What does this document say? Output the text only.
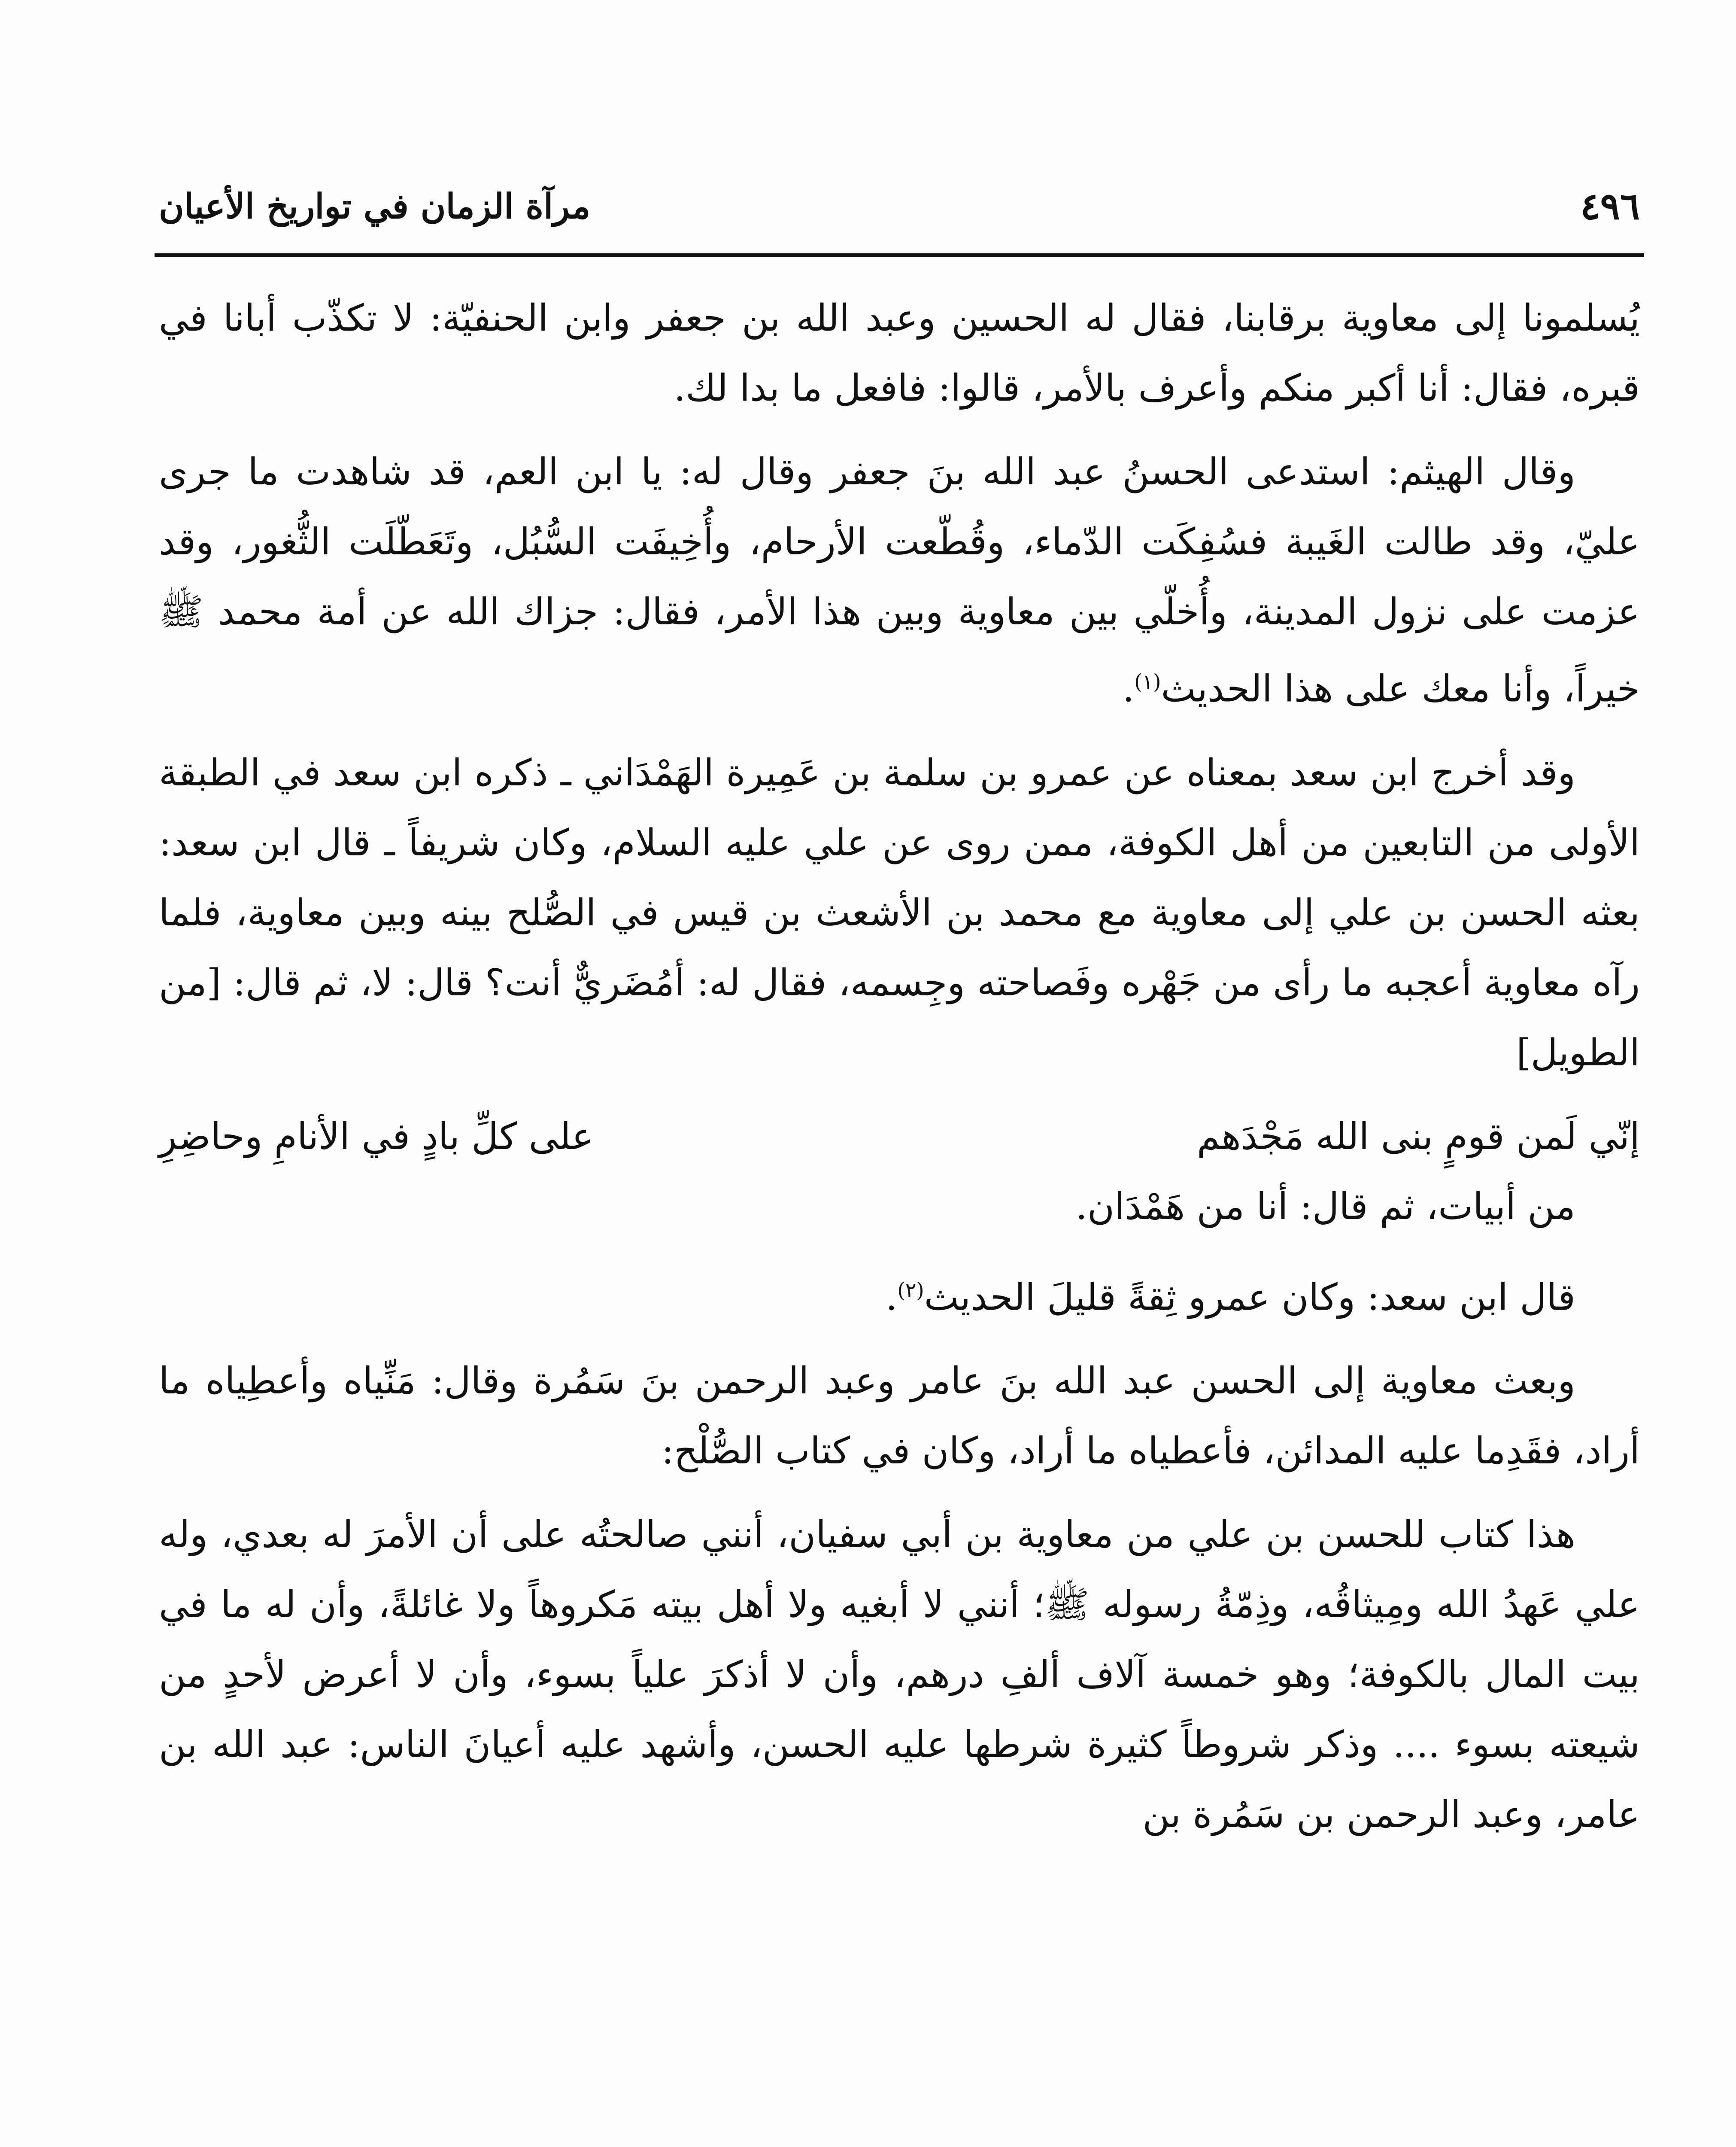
٤٩٦
مرآة الزمان في تواريخ الأعيان

يُسلمونا إلى معاوية برقابنا، فقال له الحسين وعبد الله بن جعفر وابن الحنفيّة: لا تكذّب أبانا في قبره، فقال: أنا أكبر منكم وأعرف بالأمر، قالوا: فافعل ما بدا لك.

وقال الهيثم: استدعى الحسنُ عبد الله بنَ جعفر وقال له: يا ابن العم، قد شاهدت ما جرى عليّ، وقد طالت الغَيبة فسُفِكَت الدّماء، وقُطّعت الأرحام، وأُخِيفَت السُّبُل، وتَعَطّلَت الثُّغور، وقد عزمت على نزول المدينة، وأُخلّي بين معاوية وبين هذا الأمر، فقال: جزاك الله عن أمة محمد ﷺ خيراً، وأنا معك على هذا الحديث$^{(١)}$.

وقد أخرج ابن سعد بمعناه عن عمرو بن سلمة بن عَمِيرة الهَمْدَاني ـ ذكره ابن سعد في الطبقة الأولى من التابعين من أهل الكوفة، ممن روى عن علي عليه السلام، وكان شريفاً ـ قال ابن سعد: بعثه الحسن بن علي إلى معاوية مع محمد بن الأشعث بن قيس في الصُّلح بينه وبين معاوية، فلما رآه معاوية أعجبه ما رأى من جَهْره وفَصاحته وجِسمه، فقال له: أمُضَريٌّ أنت؟ قال: لا، ثم قال: [من الطويل]

إنّي لَمن قومٍ بنى الله مَجْدَهم
على كلِّ بادٍ في الأنامِ وحاضِرِ

من أبيات، ثم قال: أنا من هَمْدَان.

قال ابن سعد: وكان عمرو ثِقةً قليلَ الحديث$^{(٢)}$.

وبعث معاوية إلى الحسن عبد الله بنَ عامر وعبد الرحمن بنَ سَمُرة وقال: مَنِّياه وأعطِياه ما أراد، فقَدِما عليه المدائن، فأعطياه ما أراد، وكان في كتاب الصُّلْح:

هذا كتاب للحسن بن علي من معاوية بن أبي سفيان، أنني صالحتُه على أن الأمرَ له بعدي، وله علي عَهدُ الله ومِيثاقُه، وذِمّةُ رسوله ﷺ؛ أنني لا أبغيه ولا أهل بيته مَكروهاً ولا غائلةً، وأن له ما في بيت المال بالكوفة؛ وهو خمسة آلاف ألفِ درهم، وأن لا أذكرَ علياً بسوء، وأن لا أعرض لأحدٍ من شيعته بسوء .... وذكر شروطاً كثيرة شرطها عليه الحسن، وأشهد عليه أعيانَ الناس: عبد الله بن عامر، وعبد الرحمن بن سَمُرة بن
